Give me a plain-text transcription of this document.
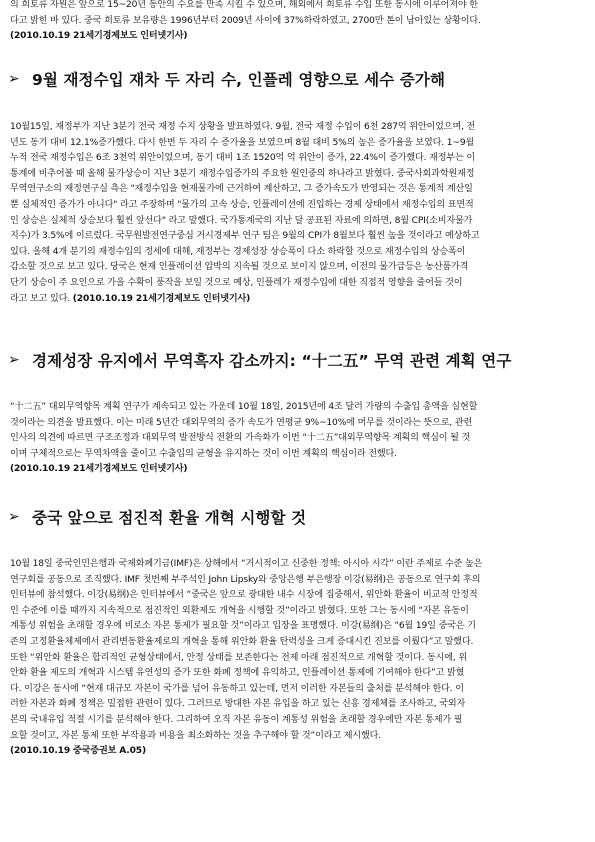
의 희토류 자원은 앞으로 15~20년 동안의 수요를 만족 시킬 수 있으며, 해외에서 희토류 수입 또한 동시에 이루어져야 한

다고 밝힌 바 있다. 중국 희토류 보유량은 1996년부터 2009년 사이에 37%하락하였고, 2700만 톤이 남아있는 상황이다.

(2010.10.19 21세기경제보도 인터넷기사)

➢ 9월 재정수입 재차 두 자리 수, 인플레 영향으로 세수 증가해

10월15일, 재정부가 지난 3분기 전국 재정 수지 상황을 발표하였다. 9월, 전국 재정 수입이 6천 287억 위안이었으며, 전

년도 동기 대비 12.1%증가했다. 다시 한번 두 자리 수 증가율을 보였으며 8월 대비 5%의 높은 증가율을 보였다. 1~9월

누적 전국 재정수입은 6조 3천억 위안이었으며, 동기 대비 1조 1520억 억 위안이 증가, 22.4%이 증가했다. 재정부는 이

통계에 비추어볼 때 올해 물가상승이 지난 3분기 재정수입증가의 주요한 원인중의 하나라고 밝혔다. 중국사회과학원재정

무역연구소의 재정연구실 측은 "재정수입을 현재물가에 근거하여 계산하고, 그 증가속도가 반영되는 것은 통계적 계산일

뿐 실체적인 증가가 아니다" 라고 주장하며 "물가의 고속 상승, 인플레이션에 진입하는 경제 상태에서 재정수입의 표면적

인 상승은 실체적 상승보다 훨씬 앞선다" 라고 말했다. 국가통계국의 지난 달 공표된 자료에 의하면, 8월 CPI(소비자물가

지수)가 3.5%에 이르렀다. 국무원발전연구중심 거시경제부 연구 팀은 9월의 CPI가 8월보다 훨씬 높을 것이라고 예상하고

있다. 올해 4개 분기의 재정수입의 정세에 대해, 재정부는 경제성장 상승폭이 다소 하락할 것으로 재정수입의 상승폭이

감소할 것으로 보고 있다. 당국은 현재 인플레이션 압박의 지속될 것으로 보이지 않으며, 이전의 물가급등은 농산품가격

단기 상승이 주 요인으로 가을 수확이 풍작을 보일 것으로 예상, 인플레가 재정수입에 대한 직접적 영향을 줄어들 것이

라고 보고 있다. (2010.10.19 21세기경제보도 인터넷기사)

➢ 경제성장 유지에서 무역흑자 감소까지: “十二五” 무역 관련 계획 연구

“十二五” 대외무역향목 계획 연구가 계속되고 있는 가운데 10월 18일, 2015년에 4조 달러 가량의 수출입 총액을 실현할

것이라는 의견을 발표했다. 이는 미래 5년간 대외무역의 증가 속도가 연평균 9%~10%에 머무를 것이라는 뜻으로, 관련

인사의 의견에 따르면 구조조정과 대외무역 발전방식 전환의 가속화가 이번 “十二五”대외무역향목 계획의 핵심이 될 것

이며 구체적으로는 무역차액을 줄이고 수출입의 균형을 유지하는 것이 이번 계획의 핵심이라 전했다.

(2010.10.19 21세기경제보도 인터넷기사)

➢ 중국 앞으로 점진적 환율 개혁 시행할 것

10월 18일 중국인민은행과 국제화폐기금(IMF)은 상해에서 “거시적이고 신중한 정책: 아시아 시각” 이란 주제로 수준 높은

연구회를 공동으로 조직했다. IMF 첫번째 부주석인 John Lipsky와 중앙은행 부은행장 이강(易纲)은 공동으로 연구회 후의

인터뷰에 참석했다. 이강(易纲)은 인터뷰에서 “중국은 앞으로 광대한 내수 시장에 집중해서, 위안화 환율이 비교적 안정적

인 수준에 이를 때까지 지속적으로 점진적인 외환제도 개혁을 시행할 것”이라고 밝혔다. 또한 그는 동시에 “자본 유동이

계통성 위험을 초래할 경우에 비로소 자본 통제가 필요할 것”이라고 입장을 표명했다. 이강(易纲)은 “6월 19일 중국은 기

존의 고정환율체제에서 관리변동환율제로의 개혁을 통해 위안화 환율 탄력성을 크게 증대시킨 진보를 이뤘다”고 말했다.

또한 “위안화 환율은 합리적인 균형상태에서, 안정 상태를 보존한다는 전제 아래 점진적으로 개혁할 것이다. 동시에, 위

안화 환율 제도의 개혁과 시스템 유연성의 증가 또한 화폐 정책에 유익하고, 인플레이션 통제에 기여해야 한다”고 밝혔

다. 이강은 동시에 “현재 대규모 자본이 국가를 넘어 유동하고 있는데, 먼저 이러한 자본들의 출처를 분석해야 한다. 이

러한 자본과 화폐 정책은 밀접한 관련이 있다. 그러므로 방대한 자본 유입을 하고 있는 신흥 경제체를 조사하고, 국외자

본의 국내유입 적절 시기를 분석해야 한다. 그리하여 오직 자본 유동이 계통성 위험을 초래할 경우에만 자본 통제가 필

요할 것이고, 자본 통제 또한 부작용과 비용을 최소화하는 것을 추구해야 할 것”이라고 제시했다.

(2010.10.19 중국증권보 A.05)
